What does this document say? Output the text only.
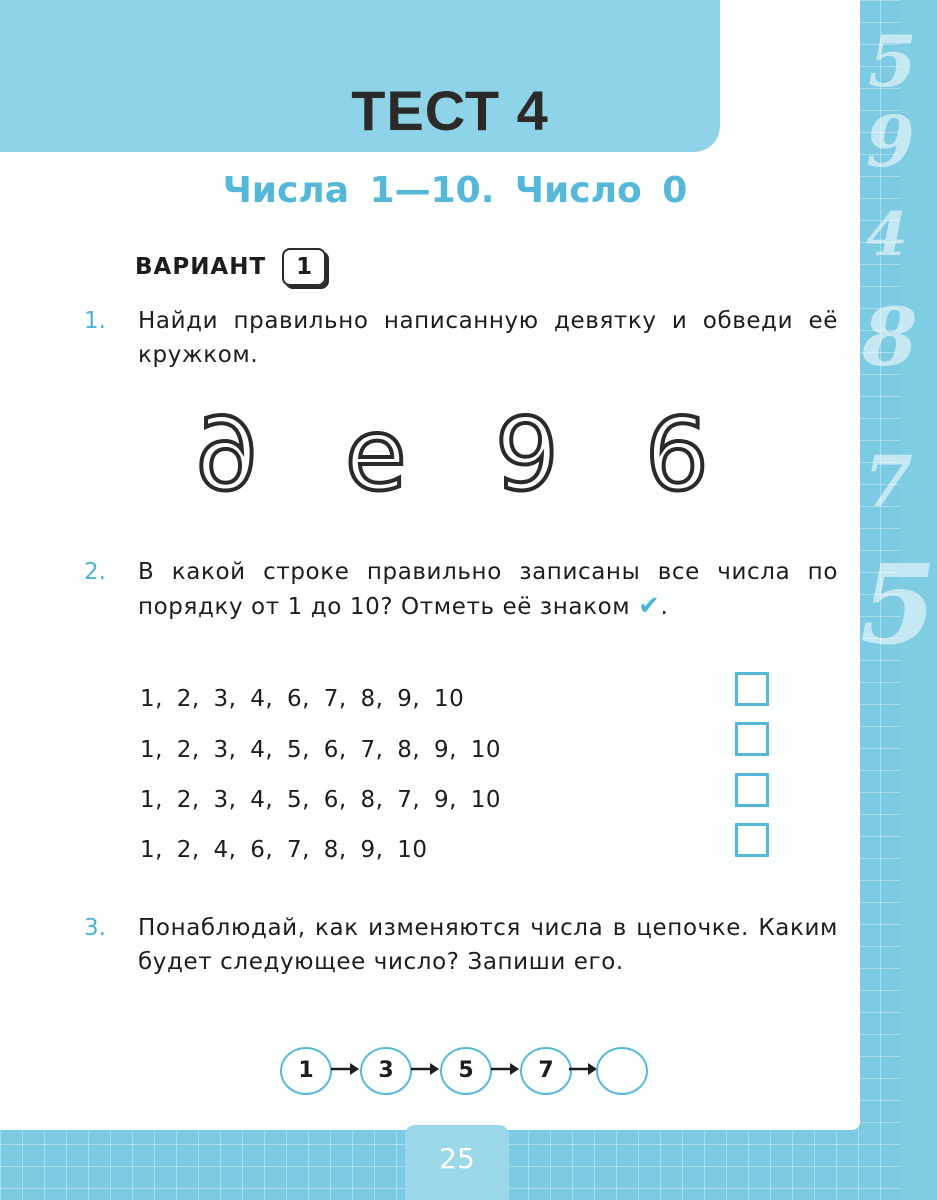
5
9
4
8
7
5
ТЕСТ 4
Числа 1—10. Число 0
ВАРИАНТ	1
1. Найди правильно написанную девятку и обведи её кружком.
6 e 9 6
2. В какой строке правильно записаны все числа по порядку от 1 до 10? Отметь её знаком ✔.
1, 2, 3, 4, 6, 7, 8, 9, 10
1, 2, 3, 4, 5, 6, 7, 8, 9, 10
1, 2, 3, 4, 5, 6, 8, 7, 9, 10
1, 2, 4, 6, 7, 8, 9, 10
3. Понаблюдай, как изменяются числа в цепочке. Каким будет следующее число? Запиши его.
1	3	5	7
25
